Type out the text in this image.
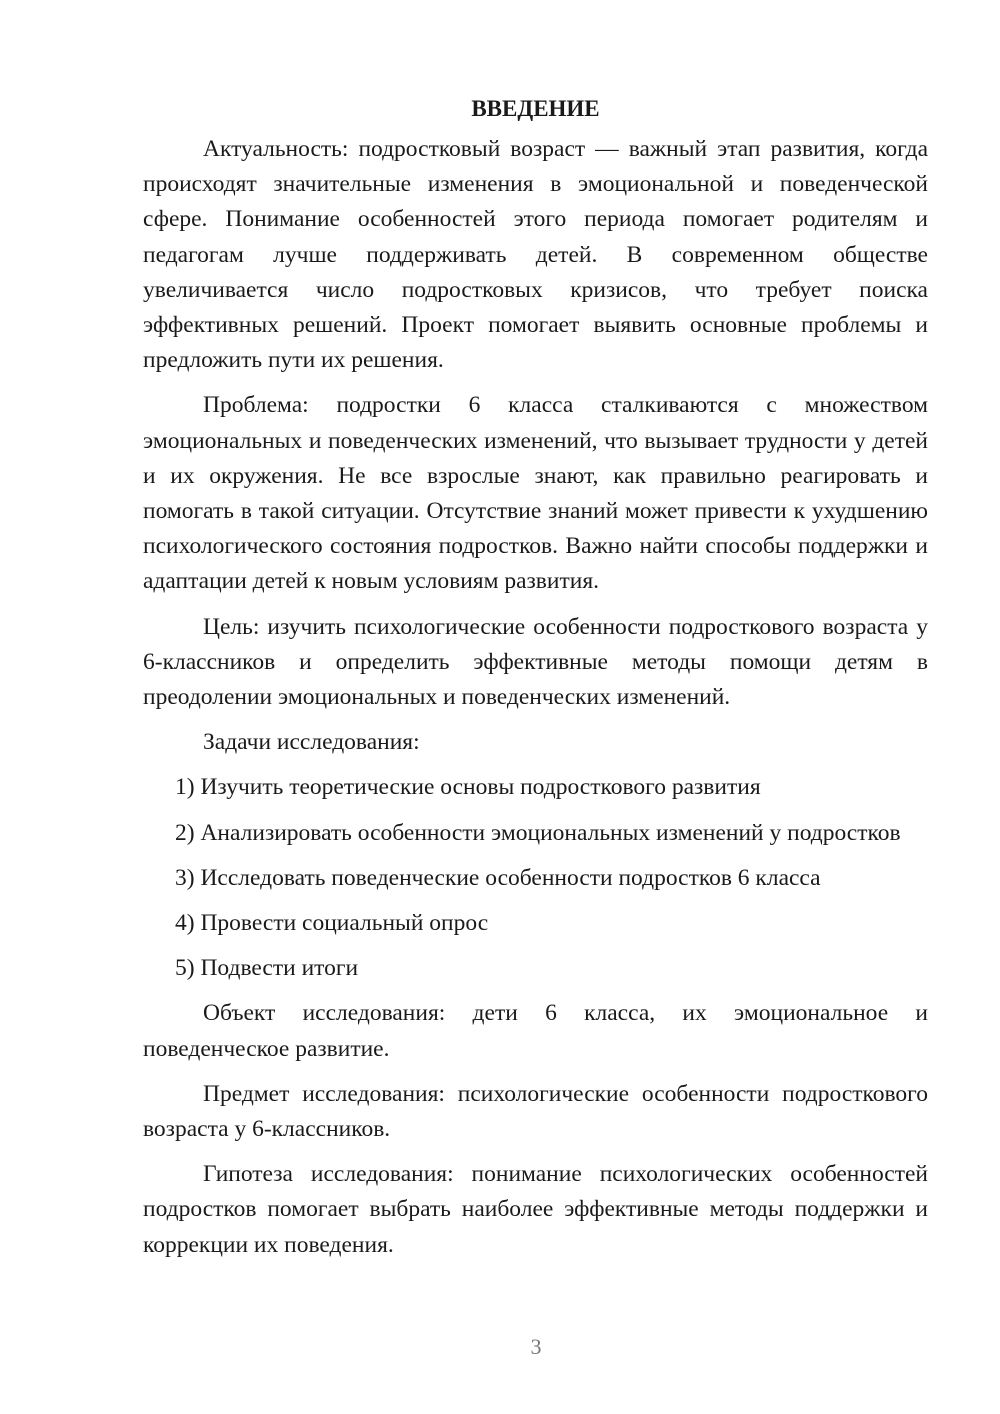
ВВЕДЕНИЕ

Актуальность: подростковый возраст — важный этап развития, когда происходят значительные изменения в эмоциональной и поведенческой сфере. Понимание особенностей этого периода помогает родителям и педагогам лучше поддерживать детей. В современном обществе увеличивается число подростковых кризисов, что требует поиска эффективных решений. Проект помогает выявить основные проблемы и предложить пути их решения.

Проблема: подростки 6 класса сталкиваются с множеством эмоциональных и поведенческих изменений, что вызывает трудности у детей и их окружения. Не все взрослые знают, как правильно реагировать и помогать в такой ситуации. Отсутствие знаний может привести к ухудшению психологического состояния подростков. Важно найти способы поддержки и адаптации детей к новым условиям развития.

Цель: изучить психологические особенности подросткового возраста у 6-классников и определить эффективные методы помощи детям в преодолении эмоциональных и поведенческих изменений.

Задачи исследования:

1) Изучить теоретические основы подросткового развития

2) Анализировать особенности эмоциональных изменений у подростков

3) Исследовать поведенческие особенности подростков 6 класса

4) Провести социальный опрос

5) Подвести итоги

Объект исследования: дети 6 класса, их эмоциональное и поведенческое развитие.

Предмет исследования: психологические особенности подросткового возраста у 6-классников.

Гипотеза исследования: понимание психологических особенностей подростков помогает выбрать наиболее эффективные методы поддержки и коррекции их поведения.

3
